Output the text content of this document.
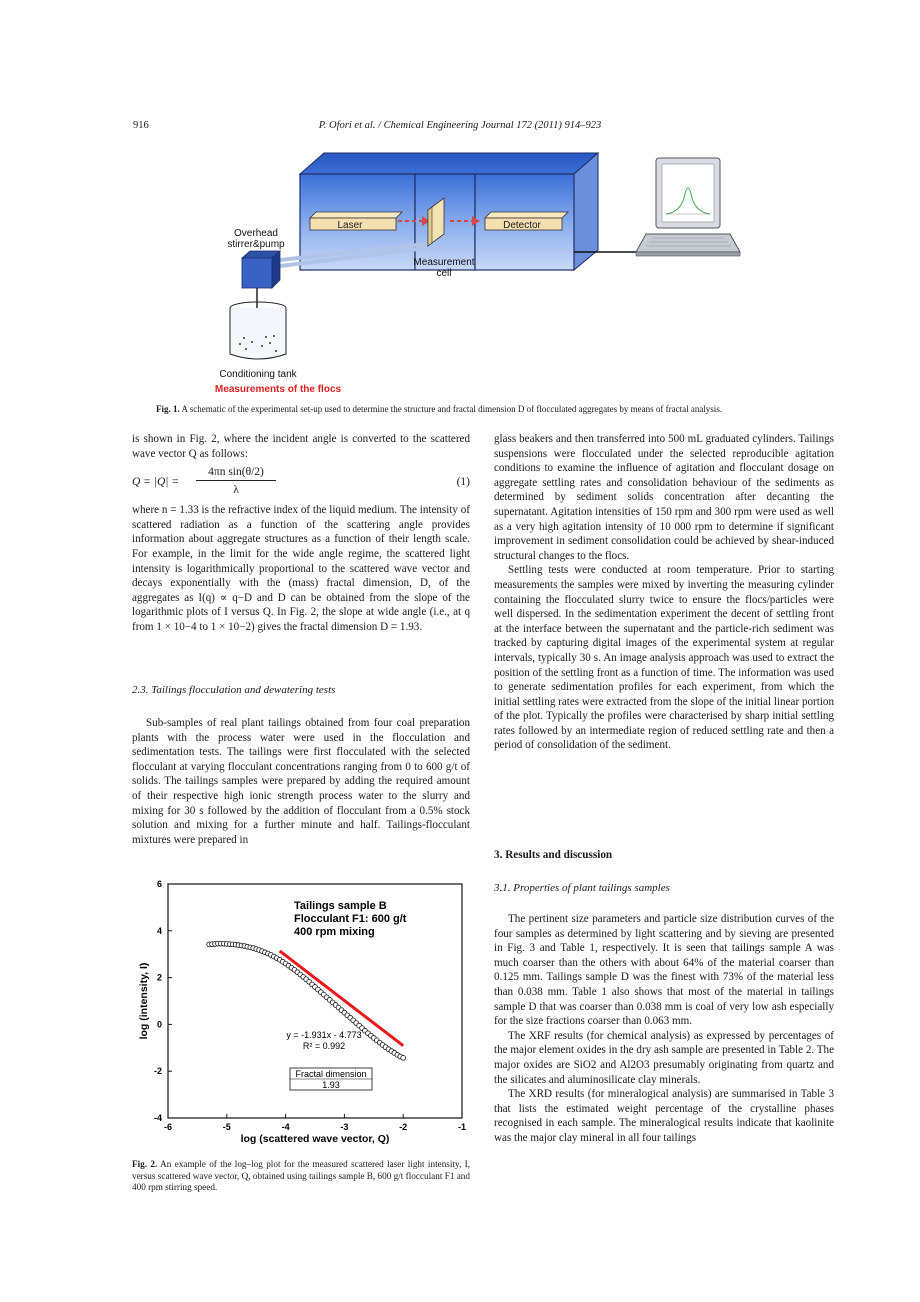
916	P. Ofori et al. / Chemical Engineering Journal 172 (2011) 914–923
Laser	Detector
Overhead
stirrer&pump
Conditioning tank
Measurements of the flocs
Measurement
cell
Fig. 1. A schematic of the experimental set-up used to determine the structure and fractal dimension D of flocculated aggregates by means of fractal analysis.

is shown in Fig. 2, where the incident angle is converted to the scattered wave vector Q as follows:

Q = |Q| =
4πn sin(θ/2)
λ
(1)

where n = 1.33 is the refractive index of the liquid medium. The intensity of scattered radiation as a function of the scattering angle provides information about aggregate structures as a function of their length scale. For example, in the limit for the wide angle regime, the scattered light intensity is logarithmically proportional to the scattered wave vector and decays exponentially with the (mass) fractal dimension, D, of the aggregates as I(q) ∝ q−D and D can be obtained from the slope of the logarithmic plots of I versus Q. In Fig. 2, the slope at wide angle (i.e., at q from 1 × 10−4 to 1 × 10−2) gives the fractal dimension D = 1.93.

2.3. Tailings flocculation and dewatering tests

Sub-samples of real plant tailings obtained from four coal preparation plants with the process water were used in the flocculation and sedimentation tests. The tailings were first flocculated with the selected flocculant at varying flocculant concentrations ranging from 0 to 600 g/t of solids. The tailings samples were prepared by adding the required amount of their respective high ionic strength process water to the slurry and mixing for 30 s followed by the addition of flocculant from a 0.5% stock solution and mixing for a further minute and half. Tailings-flocculant mixtures were prepared in

-6	-5	-4	-3	-2	-1
-4
-2
0
2
4
6
log (scattered wave vector, Q)
log (intensity, I)
Tailings sample B
Flocculant F1: 600 g/t
400 rpm mixing
y = -1.931x - 4.773
R² = 0.992
Fractal dimension
1.93
Fig. 2. An example of the log–log plot for the measured scattered laser light intensity, I, versus scattered wave vector, Q, obtained using tailings sample B, 600 g/t flocculant F1 and 400 rpm stirring speed.

glass beakers and then transferred into 500 mL graduated cylinders. Tailings suspensions were flocculated under the selected reproducible agitation conditions to examine the influence of agitation and flocculant dosage on aggregate settling rates and consolidation behaviour of the sediments as determined by sediment solids concentration after decanting the supernatant. Agitation intensities of 150 rpm and 300 rpm were used as well as a very high agitation intensity of 10 000 rpm to determine if significant improvement in sediment consolidation could be achieved by shear-induced structural changes to the flocs.

Settling tests were conducted at room temperature. Prior to starting measurements the samples were mixed by inverting the measuring cylinder containing the flocculated slurry twice to ensure the flocs/particles were well dispersed. In the sedimentation experiment the decent of settling front at the interface between the supernatant and the particle-rich sediment was tracked by capturing digital images of the experimental system at regular intervals, typically 30 s. An image analysis approach was used to extract the position of the settling front as a function of time. The information was used to generate sedimentation profiles for each experiment, from which the initial settling rates were extracted from the slope of the initial linear portion of the plot. Typically the profiles were characterised by sharp initial settling rates followed by an intermediate region of reduced settling rate and then a period of consolidation of the sediment.

3. Results and discussion
3.1. Properties of plant tailings samples

The pertinent size parameters and particle size distribution curves of the four samples as determined by light scattering and by sieving are presented in Fig. 3 and Table 1, respectively. It is seen that tailings sample A was much coarser than the others with about 64% of the material coarser than 0.125 mm. Tailings sample D was the finest with 73% of the material less than 0.038 mm. Table 1 also shows that most of the material in tailings sample D that was coarser than 0.038 mm is coal of very low ash especially for the size fractions coarser than 0.063 mm.

The XRF results (for chemical analysis) as expressed by percentages of the major element oxides in the dry ash sample are presented in Table 2. The major oxides are SiO2 and Al2O3 presumably originating from quartz and the silicates and aluminosilicate clay minerals.

The XRD results (for mineralogical analysis) are summarised in Table 3 that lists the estimated weight percentage of the crystalline phases recognised in each sample. The mineralogical results indicate that kaolinite was the major clay mineral in all four tailings
